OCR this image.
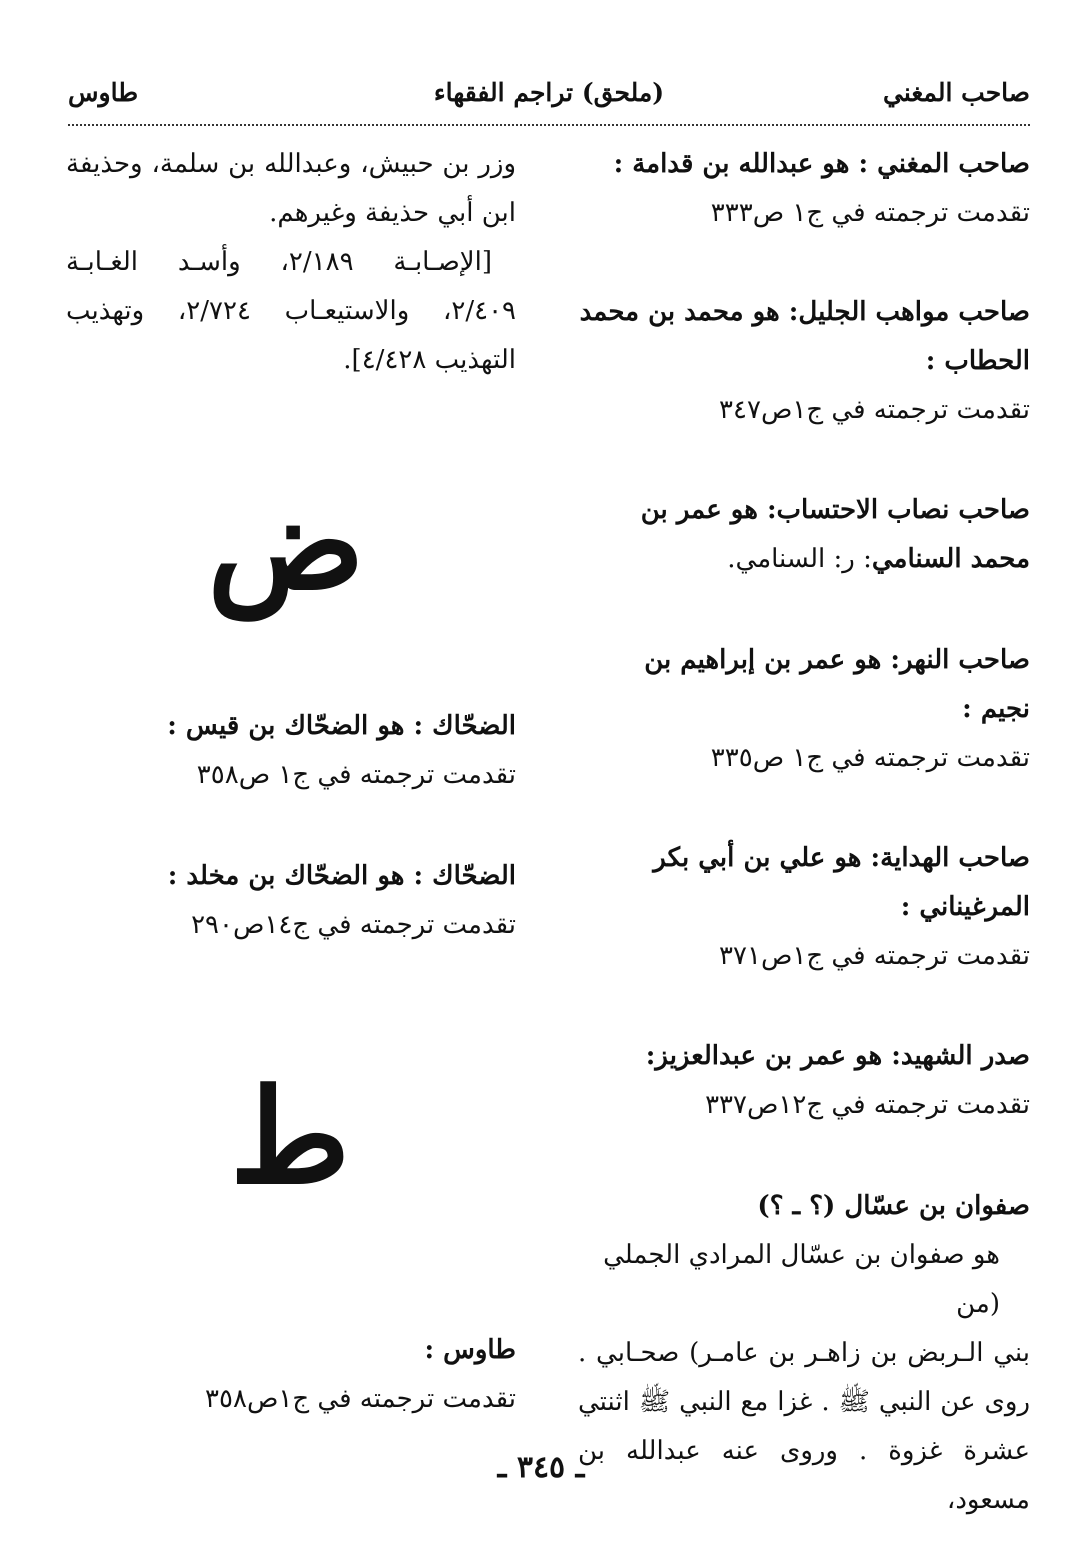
صاحب المغني
(ملحق) تراجم الفقهاء
طاوس

صاحب المغني : هو عبدالله بن قدامة :

تقدمت ترجمته في ج١ ص٣٣٣

صاحب مواهب الجليل: هو محمد بن محمد

الحطاب :

تقدمت ترجمته في ج١ص٣٤٧

صاحب نصاب الاحتساب: هو عمر بن

محمد السنامي: ر: السنامي.

صاحب النهر: هو عمر بن إبراهيم بن

نجيم :

تقدمت ترجمته في ج١ ص٣٣٥

صاحب الهداية: هو علي بن أبي بكر

المرغيناني :

تقدمت ترجمته في ج١ص٣٧١

صدر الشهيد: هو عمر بن عبدالعزيز:

تقدمت ترجمته في ج١٢ص٣٣٧

صفوان بن عسّال (؟ ـ ؟)

هو صفوان بن عسّال المرادي الجملي (من

بني الـربض بن زاهـر بن عامـر) صحـابي .

روى عن النبي ﷺ . غزا مع النبي ﷺ اثنتي

عشرة غزوة . وروى عنه عبدالله بن مسعود،

وزر بن حبيش، وعبدالله بن سلمة، وحذيفة

ابن أبي حذيفة وغيرهم.

[الإصـابـة ٢/١٨٩، وأسـد الغـابـة

٢/٤٠٩، والاستيعـاب ٢/٧٢٤، وتهذيب

التهذيب ٤/٤٢٨].

الضحّاك : هو الضحّاك بن قيس :

تقدمت ترجمته في ج١ ص٣٥٨

الضحّاك : هو الضحّاك بن مخلد :

تقدمت ترجمته في ج١٤ص٢٩٠

طاوس :

تقدمت ترجمته في ج١ص٣٥٨

ض
ط
ـ ٣٤٥ ـ
